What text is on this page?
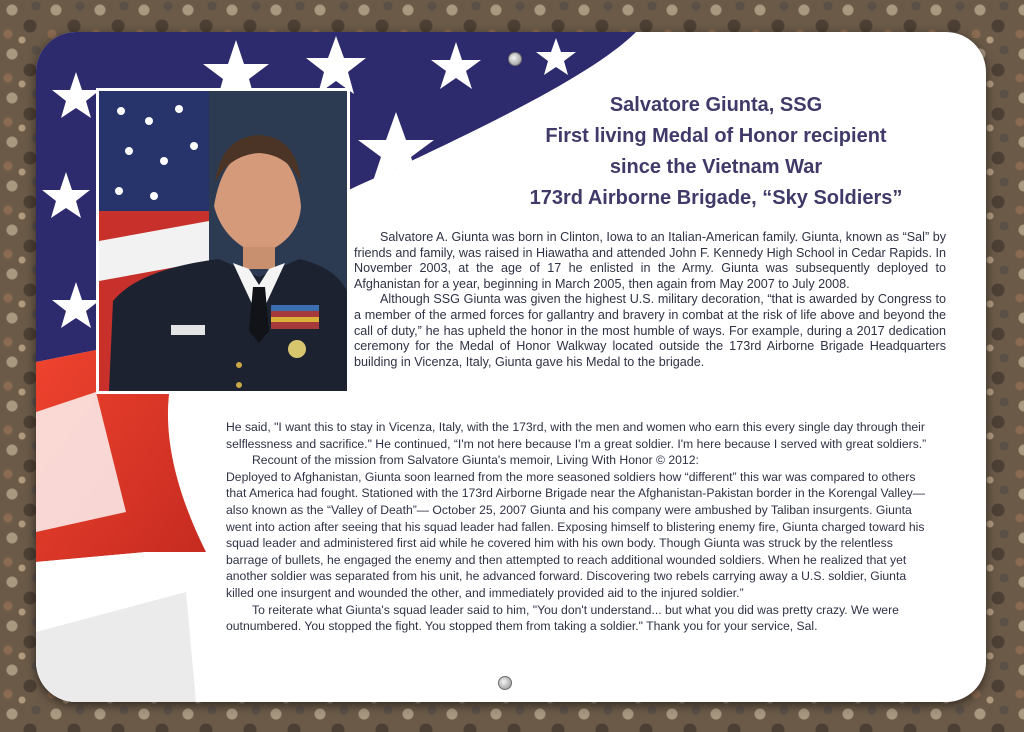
Salvatore Giunta, SSG
First living Medal of Honor recipient
since the Vietnam War
173rd Airborne Brigade, “Sky Soldiers”

Salvatore A. Giunta was born in Clinton, Iowa to an Italian-American family. Giunta, known as “Sal” by friends and family, was raised in Hiawatha and attended John F. Kennedy High School in Cedar Rapids. In November 2003, at the age of 17 he enlisted in the Army. Giunta was subsequently deployed to Afghanistan for a year, beginning in March 2005, then again from May 2007 to July 2008.

Although SSG Giunta was given the highest U.S. military decoration, “that is awarded by Congress to a member of the armed forces for gallantry and bravery in combat at the risk of life above and beyond the call of duty,” he has upheld the honor in the most humble of ways. For example, during a 2017 dedication ceremony for the Medal of Honor Walkway located outside the 173rd Airborne Brigade Headquarters building in Vicenza, Italy, Giunta gave his Medal to the brigade.

He said, "I want this to stay in Vicenza, Italy, with the 173rd, with the men and women who earn this every single day through their selflessness and sacrifice." He continued, “I'm not here because I'm a great soldier. I'm here because I served with great soldiers.”

Recount of the mission from Salvatore Giunta's memoir, Living With Honor © 2012:

Deployed to Afghanistan, Giunta soon learned from the more seasoned soldiers how “different” this war was compared to others that America had fought. Stationed with the 173rd Airborne Brigade near the Afghanistan-Pakistan border in the Korengal Valley—also known as the “Valley of Death”— October 25, 2007 Giunta and his company were ambushed by Taliban insurgents. Giunta went into action after seeing that his squad leader had fallen. Exposing himself to blistering enemy fire, Giunta charged toward his squad leader and administered first aid while he covered him with his own body. Though Giunta was struck by the relentless barrage of bullets, he engaged the enemy and then attempted to reach additional wounded soldiers. When he realized that yet another soldier was separated from his unit, he advanced forward. Discovering two rebels carrying away a U.S. soldier, Giunta killed one insurgent and wounded the other, and immediately provided aid to the injured soldier.”

To reiterate what Giunta's squad leader said to him, "You don't understand... but what you did was pretty crazy. We were outnumbered. You stopped the fight. You stopped them from taking a soldier." Thank you for your service, Sal.
